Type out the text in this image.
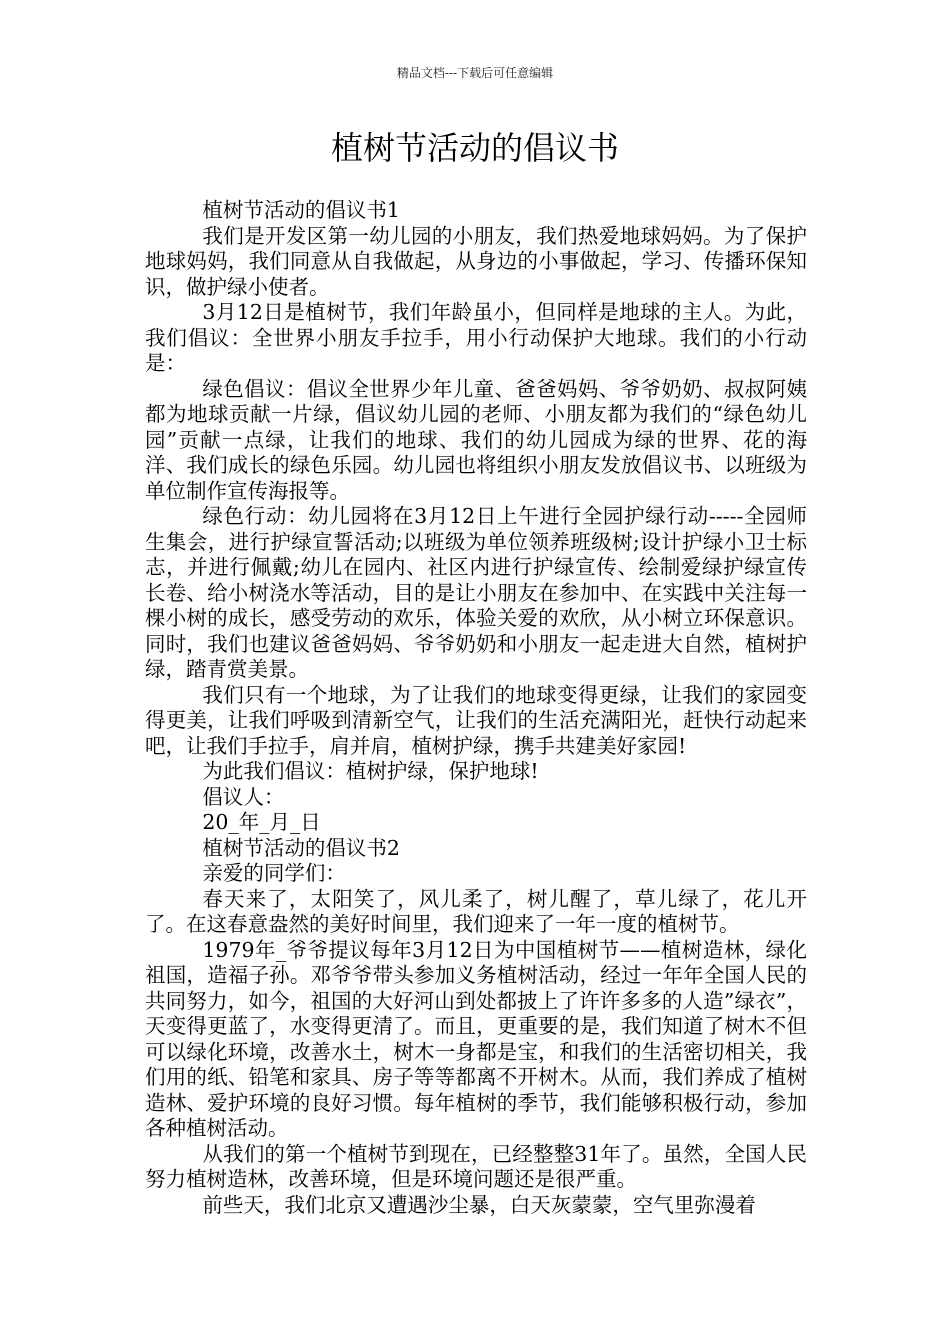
精品文档---下载后可任意编辑
植树节活动的倡议书

植树节活动的倡议书1

我们是开发区第一幼儿园的小朋友，我们热爱地球妈妈。为了保护地球妈妈，我们同意从自我做起，从身边的小事做起，学习、传播环保知识，做护绿小使者。

3月12日是植树节，我们年龄虽小，但同样是地球的主人。为此，我们倡议：全世界小朋友手拉手，用小行动保护大地球。我们的小行动是：

绿色倡议：倡议全世界少年儿童、爸爸妈妈、爷爷奶奶、叔叔阿姨都为地球贡献一片绿，倡议幼儿园的老师、小朋友都为我们的“绿色幼儿园”贡献一点绿，让我们的地球、我们的幼儿园成为绿的世界、花的海洋、我们成长的绿色乐园。幼儿园也将组织小朋友发放倡议书、以班级为单位制作宣传海报等。

绿色行动：幼儿园将在3月12日上午进行全园护绿行动-----全园师生集会，进行护绿宣誓活动;以班级为单位领养班级树;设计护绿小卫士标志，并进行佩戴;幼儿在园内、社区内进行护绿宣传、绘制爱绿护绿宣传长卷、给小树浇水等活动，目的是让小朋友在参加中、在实践中关注每一棵小树的成长，感受劳动的欢乐，体验关爱的欢欣，从小树立环保意识。同时，我们也建议爸爸妈妈、爷爷奶奶和小朋友一起走进大自然，植树护绿，踏青赏美景。

我们只有一个地球，为了让我们的地球变得更绿，让我们的家园变得更美，让我们呼吸到清新空气，让我们的生活充满阳光，赶快行动起来吧，让我们手拉手，肩并肩，植树护绿，携手共建美好家园!

为此我们倡议：植树护绿，保护地球!

倡议人：

20_年_月_日

植树节活动的倡议书2

亲爱的同学们：

春天来了，太阳笑了，风儿柔了，树儿醒了，草儿绿了，花儿开了。在这春意盎然的美好时间里，我们迎来了一年一度的植树节。

1979年_爷爷提议每年3月12日为中国植树节——植树造林，绿化祖国，造福子孙。邓爷爷带头参加义务植树活动，经过一年年全国人民的共同努力，如今，祖国的大好河山到处都披上了许许多多的人造”绿衣”，天变得更蓝了，水变得更清了。而且，更重要的是，我们知道了树木不但可以绿化环境，改善水土，树木一身都是宝，和我们的生活密切相关，我们用的纸、铅笔和家具、房子等等都离不开树木。从而，我们养成了植树造林、爱护环境的良好习惯。每年植树的季节，我们能够积极行动，参加各种植树活动。

从我们的第一个植树节到现在，已经整整31年了。虽然，全国人民努力植树造林，改善环境，但是环境问题还是很严重。

前些天，我们北京又遭遇沙尘暴，白天灰蒙蒙，空气里弥漫着
